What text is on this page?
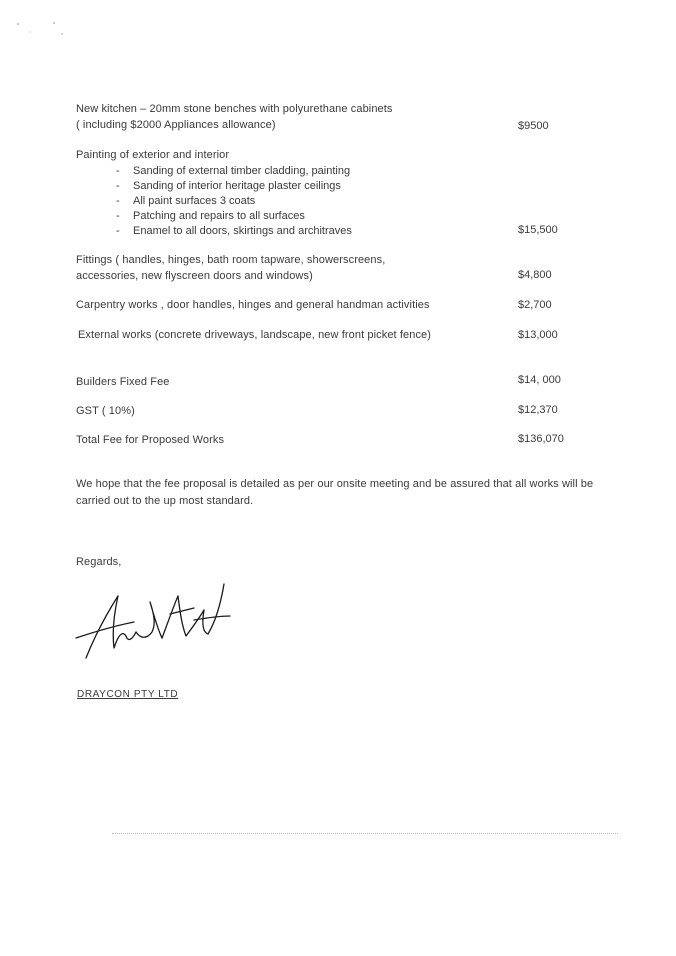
New kitchen – 20mm stone benches with polyurethane cabinets
( including $2000 Appliances allowance)	$9500
Painting of exterior and interior
- Sanding of external timber cladding, painting
- Sanding of interior heritage plaster ceilings
- All paint surfaces 3 coats
- Patching and repairs to all surfaces
- Enamel to all doors, skirtings and architraves	$15,500
Fittings ( handles, hinges, bath room tapware, showerscreens,
accessories, new flyscreen doors and windows)	$4,800
Carpentry works , door handles, hinges and general handman activities	$2,700
External works (concrete driveways, landscape, new front picket fence)	$13,000
Builders Fixed Fee	$14, 000
GST ( 10%)	$12,370
Total Fee for Proposed Works	$136,070
We hope that the fee proposal is detailed as per our onsite meeting and be assured that all works will be
carried out to the up most standard.
Regards,
DRAYCON PTY LTD
